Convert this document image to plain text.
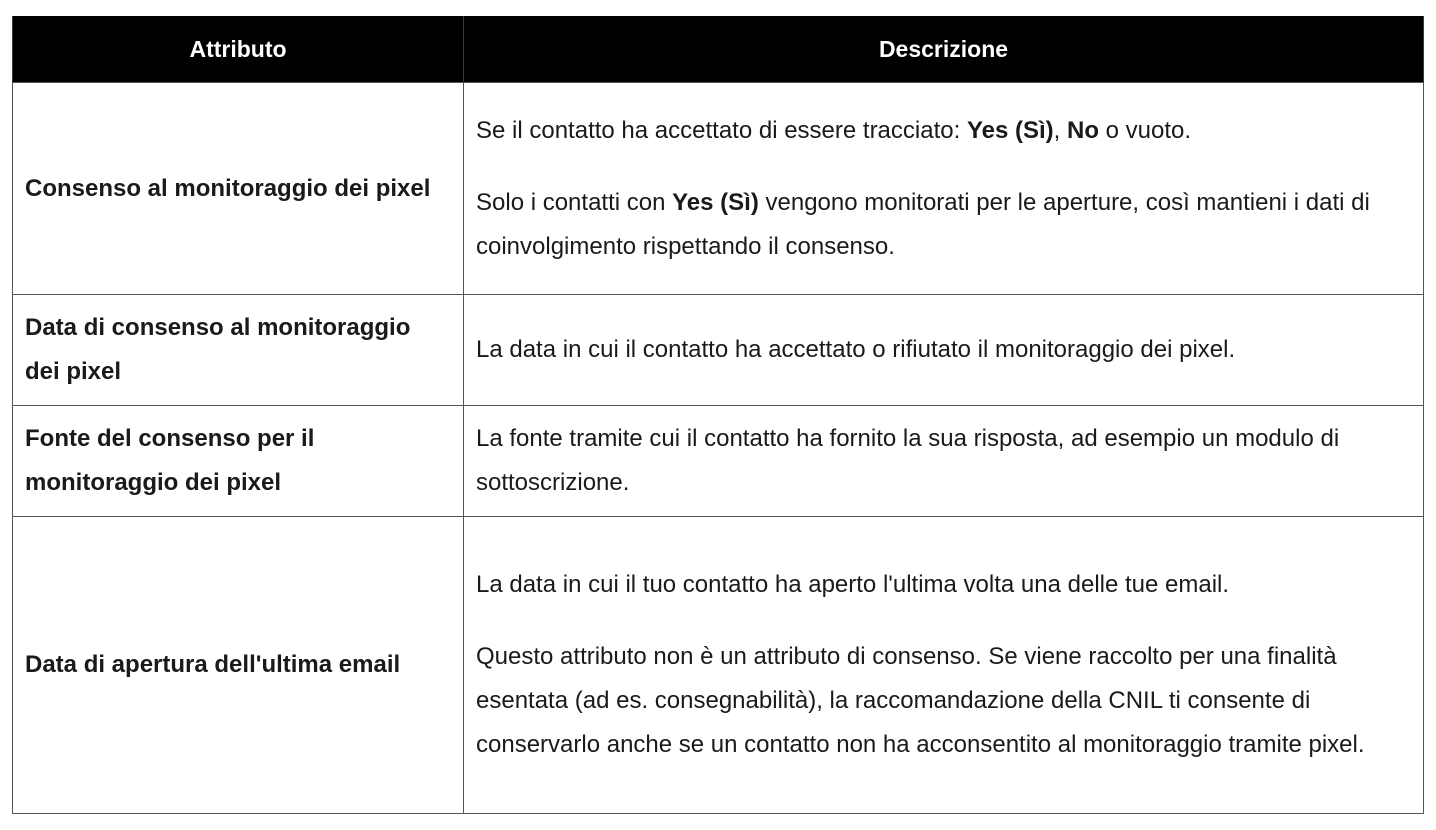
Attributo	Descrizione
Consenso al monitoraggio dei pixel	Se il contatto ha accettato di essere tracciato: Yes (Sì), No o vuoto.

Solo i contatti con Yes (Sì) vengono monitorati per le aperture, così mantieni i dati di coinvolgimento rispettando il consenso.

Data di consenso al monitoraggio dei pixel	La data in cui il contatto ha accettato o rifiutato il monitoraggio dei pixel.
Fonte del consenso per il monitoraggio dei pixel	La fonte tramite cui il contatto ha fornito la sua risposta, ad esempio un modulo di sottoscrizione.
Data di apertura dell'ultima email	La data in cui il tuo contatto ha aperto l'ultima volta una delle tue email.

Questo attributo non è un attributo di consenso. Se viene raccolto per una finalità esentata (ad es. consegnabilità), la raccomandazione della CNIL ti consente di conservarlo anche se un contatto non ha acconsentito al monitoraggio tramite pixel.
